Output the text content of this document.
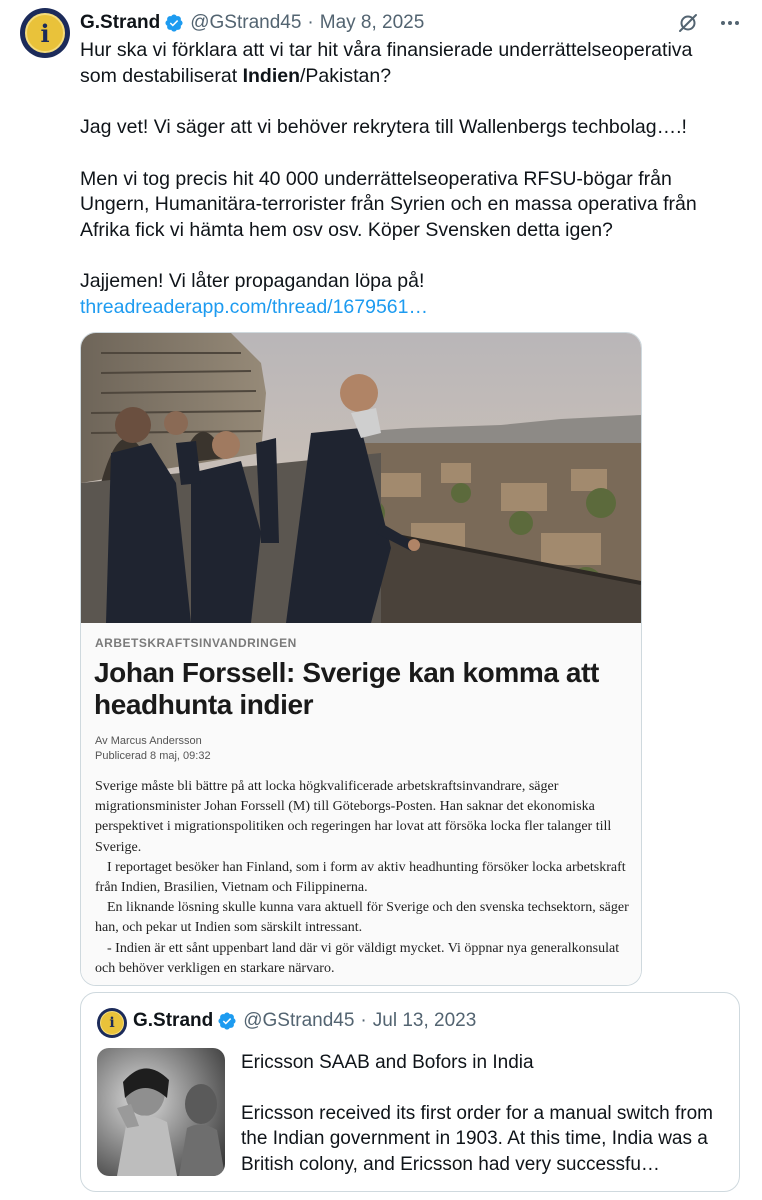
i	G.Strand @GStrand45 · May 8, 2025

Hur ska vi förklara att vi tar hit våra finansierade underrättelseoperativa som destabiliserat Indien/Pakistan?

Jag vet! Vi säger att vi behöver rekrytera till Wallenbergs techbolag….!

Men vi tog precis hit 40 000 underrättelseoperativa RFSU-bögar från Ungern, Humanitära-terrorister från Syrien och en massa operativa från Afrika fick vi hämta hem osv osv. Köper Svensken detta igen?

Jajjemen! Vi låter propagandan löpa på!

threadreaderapp.com/thread/1679561…

ARBETSKRAFTSINVANDRINGEN
Johan Forssell: Sverige kan komma att headhunta indier
Av Marcus Andersson
Publicerad 8 maj, 09:32

Sverige måste bli bättre på att locka högkvalificerade arbetskraftsinvandrare, säger migrationsminister Johan Forssell (M) till Göteborgs-Posten. Han saknar det ekonomiska perspektivet i migrationspolitiken och regeringen har lovat att försöka locka fler talanger till Sverige.

I reportaget besöker han Finland, som i form av aktiv headhunting försöker locka arbetskraft från Indien, Brasilien, Vietnam och Filippinerna.

En liknande lösning skulle kunna vara aktuell för Sverige och den svenska techsektorn, säger han, och pekar ut Indien som särskilt intressant.

- Indien är ett sånt uppenbart land där vi gör väldigt mycket. Vi öppnar nya generalkonsulat och behöver verkligen en starkare närvaro.

i G.Strand @GStrand45 · Jul 13, 2023

Ericsson SAAB and Bofors in India

Ericsson received its first order for a manual switch from the Indian government in 1903. At this time, India was a British colony, and Ericsson had very successfu…
